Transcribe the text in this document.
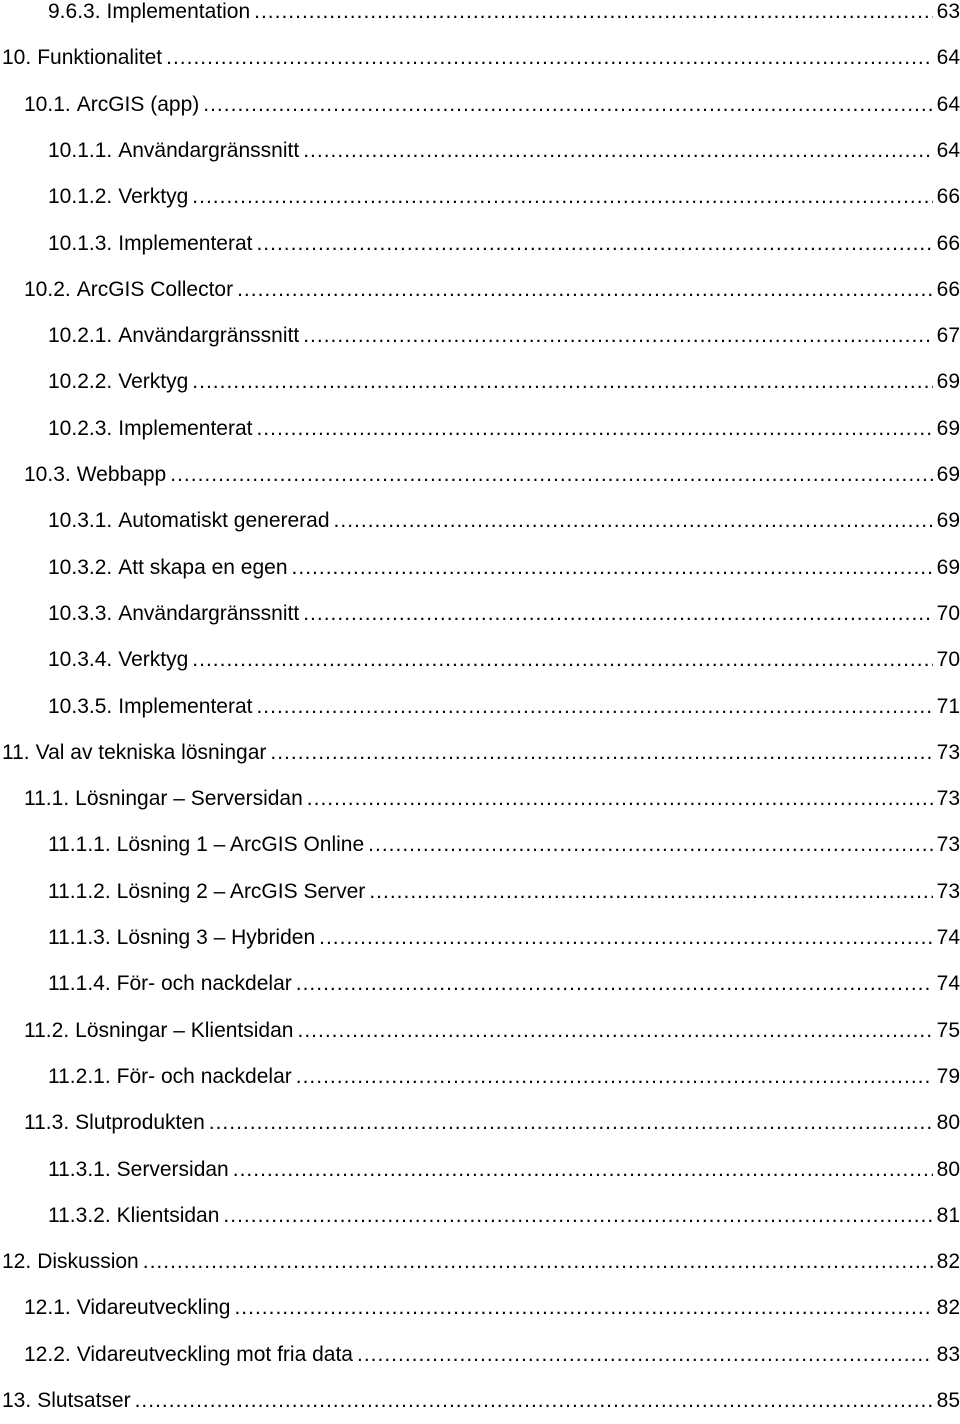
9.6.3. Implementation .....	63
10. Funktionalitet .....	64
10.1. ArcGIS (app) .....	64
10.1.1. Användargränssnitt .....	64
10.1.2. Verktyg .....	66
10.1.3. Implementerat .....	66
10.2. ArcGIS Collector .....	66
10.2.1. Användargränssnitt .....	67
10.2.2. Verktyg .....	69
10.2.3. Implementerat .....	69
10.3. Webbapp .....	69
10.3.1. Automatiskt genererad .....	69
10.3.2. Att skapa en egen .....	69
10.3.3. Användargränssnitt .....	70
10.3.4. Verktyg .....	70
10.3.5. Implementerat .....	71
11. Val av tekniska lösningar .....	73
11.1. Lösningar – Serversidan .....	73
11.1.1. Lösning 1 – ArcGIS Online .....	73
11.1.2. Lösning 2 – ArcGIS Server .....	73
11.1.3. Lösning 3 – Hybriden .....	74
11.1.4. För- och nackdelar .....	74
11.2. Lösningar – Klientsidan .....	75
11.2.1. För- och nackdelar .....	79
11.3. Slutprodukten .....	80
11.3.1. Serversidan .....	80
11.3.2. Klientsidan .....	81
12. Diskussion .....	82
12.1. Vidareutveckling .....	82
12.2. Vidareutveckling mot fria data .....	83
13. Slutsatser .....	85
